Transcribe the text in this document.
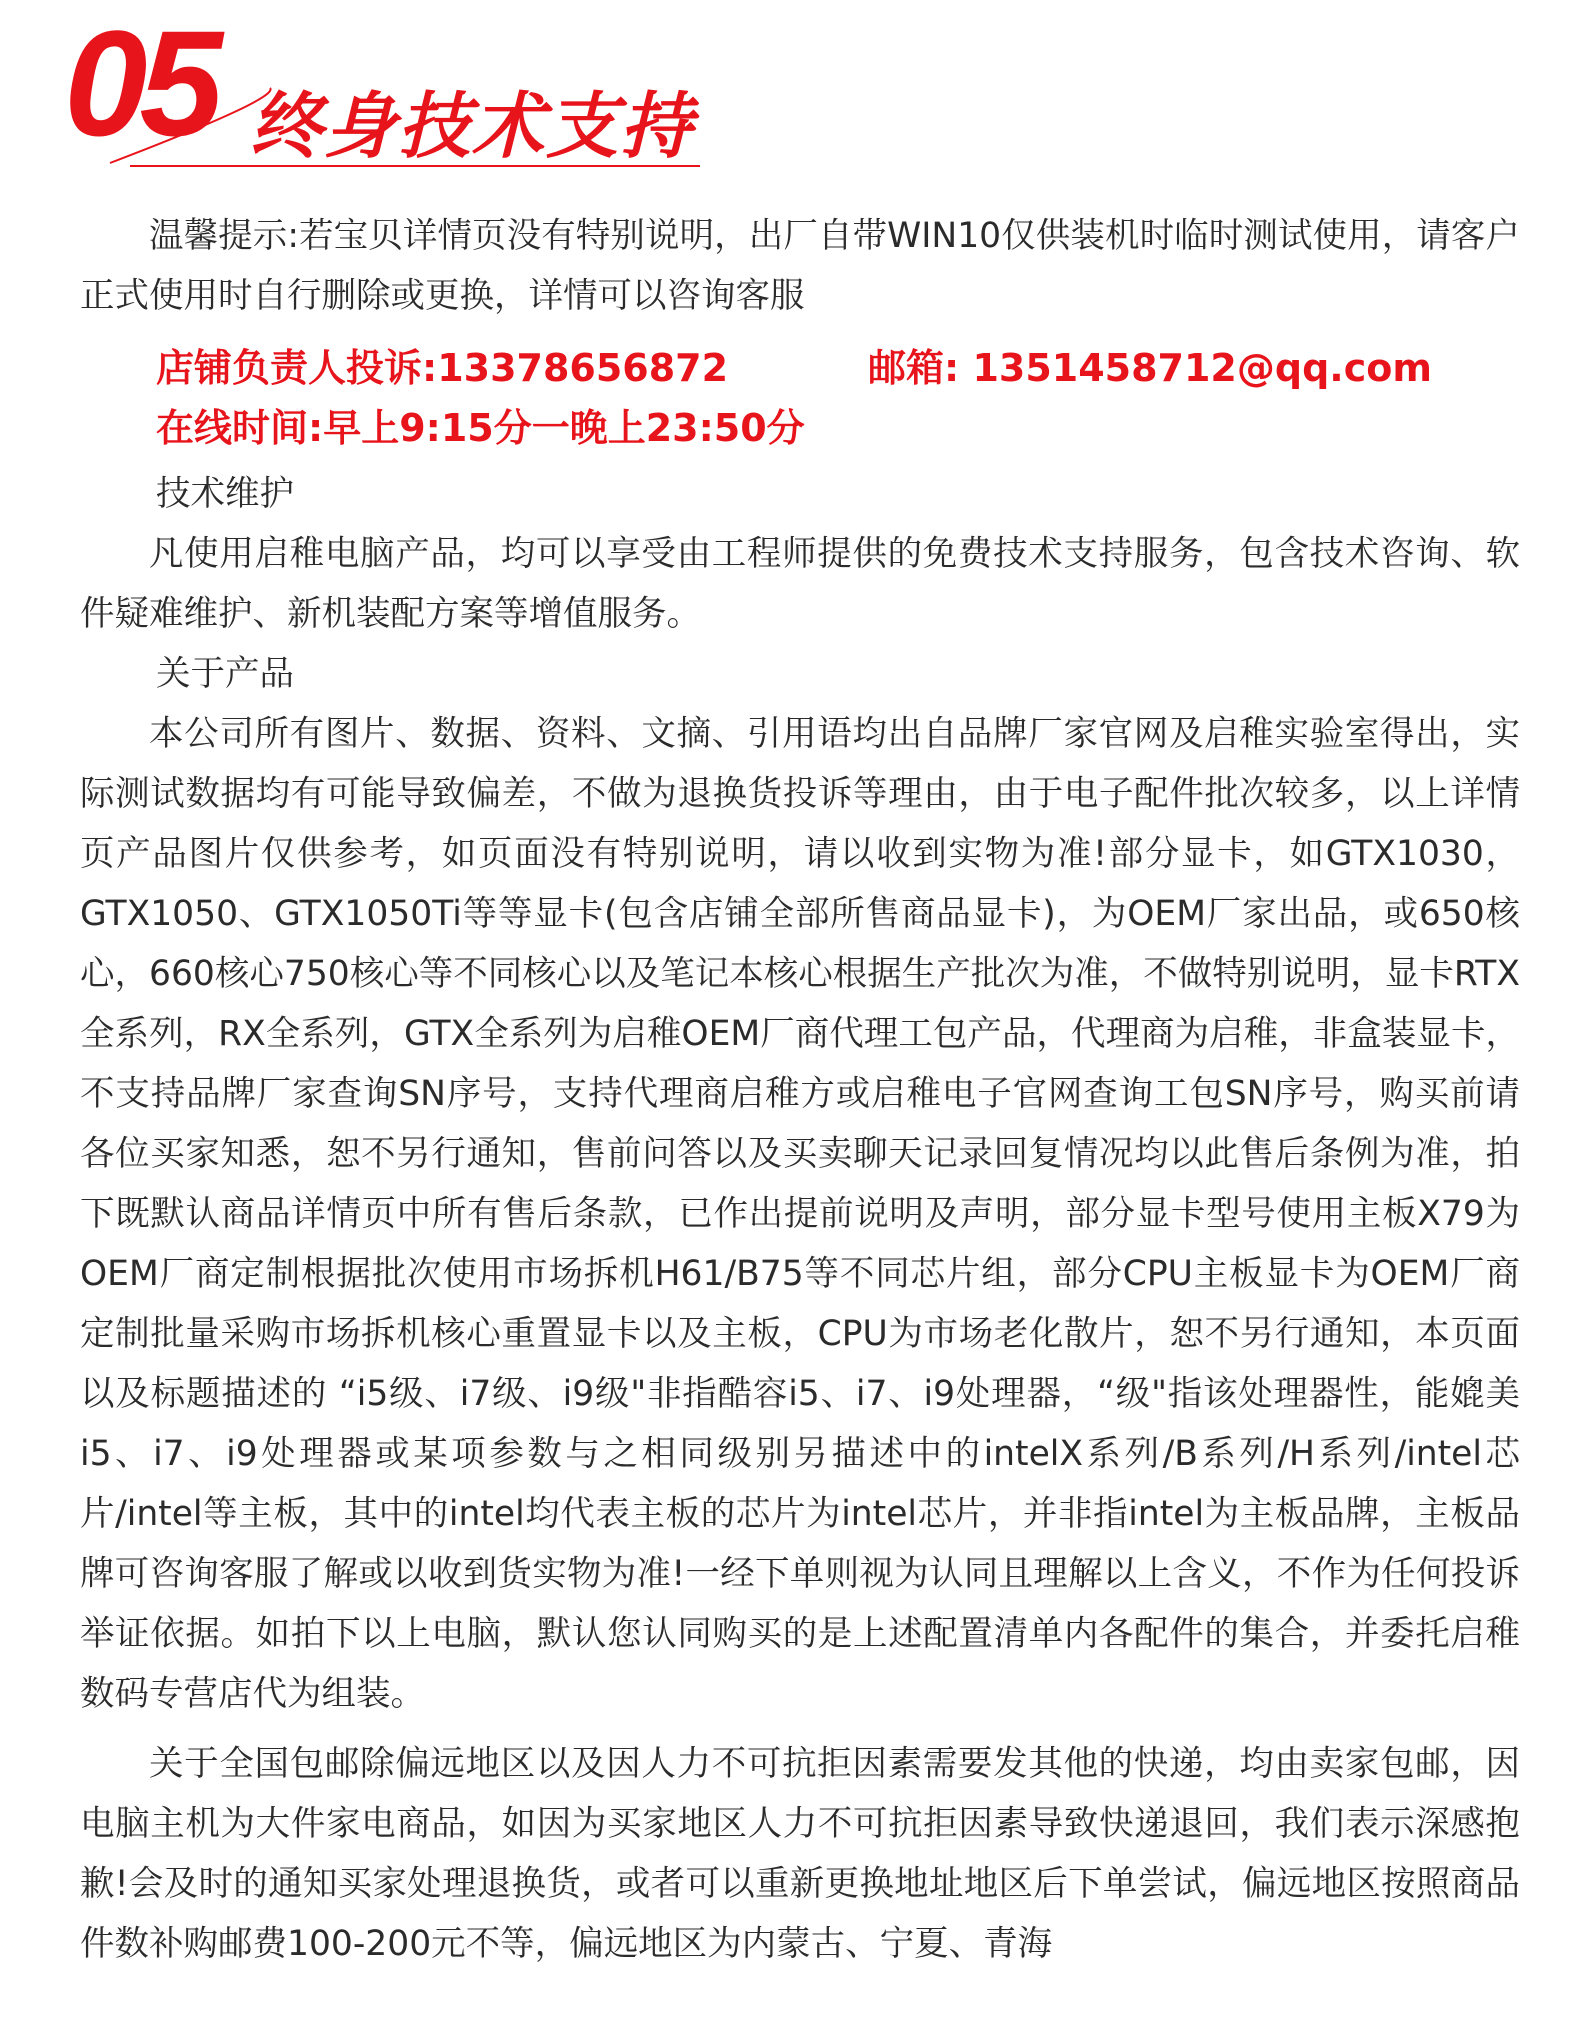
05 终身技术支持

温馨提示:若宝贝详情页没有特别说明，出厂自带WIN10仅供装机时临时测试使用，请客户正式使用时自行删除或更换，详情可以咨询客服

店铺负责人投诉:13378656872	邮箱: 1351458712@qq.com
在线时间:早上9:15分一晚上23:50分
技术维护

凡使用启稚电脑产品，均可以享受由工程师提供的免费技术支持服务，包含技术咨询、软件疑难维护、新机装配方案等增值服务。

关于产品

本公司所有图片、数据、资料、文摘、引用语均出自品牌厂家官网及启稚实验室得出，实际测试数据均有可能导致偏差，不做为退换货投诉等理由，由于电子配件批次较多，以上详情页产品图片仅供参考，如页面没有特别说明，请以收到实物为准!部分显卡，如GTX1030，GTX1050、GTX1050Ti等等显卡(包含店铺全部所售商品显卡)，为OEM厂家出品，或650核心，660核心750核心等不同核心以及笔记本核心根据生产批次为准，不做特别说明，显卡RTX全系列，RX全系列，GTX全系列为启稚OEM厂商代理工包产品，代理商为启稚，非盒装显卡，不支持品牌厂家查询SN序号，支持代理商启稚方或启稚电子官网查询工包SN序号，购买前请各位买家知悉，恕不另行通知，售前问答以及买卖聊天记录回复情况均以此售后条例为准，拍下既默认商品详情页中所有售后条款，已作出提前说明及声明，部分显卡型号使用主板X79为OEM厂商定制根据批次使用市场拆机H61/B75等不同芯片组，部分CPU主板显卡为OEM厂商定制批量采购市场拆机核心重置显卡以及主板，CPU为市场老化散片，恕不另行通知，本页面以及标题描述的 “i5级、i7级、i9级"非指酷容i5、i7、i9处理器，“级"指该处理器性，能媲美i5、i7、i9处理器或某项参数与之相同级别另描述中的intelX系列/B系列/H系列/intel芯片/intel等主板，其中的intel均代表主板的芯片为intel芯片，并非指intel为主板品牌，主板品牌可咨询客服了解或以收到货实物为准!一经下单则视为认同且理解以上含义，不作为任何投诉举证依据。如拍下以上电脑，默认您认同购买的是上述配置清单内各配件的集合，并委托启稚数码专营店代为组装。

关于全国包邮除偏远地区以及因人力不可抗拒因素需要发其他的快递，均由卖家包邮，因电脑主机为大件家电商品，如因为买家地区人力不可抗拒因素导致快递退回，我们表示深感抱歉!会及时的通知买家处理退换货，或者可以重新更换地址地区后下单尝试，偏远地区按照商品件数补购邮费100-200元不等，偏远地区为内蒙古、宁夏、青海
